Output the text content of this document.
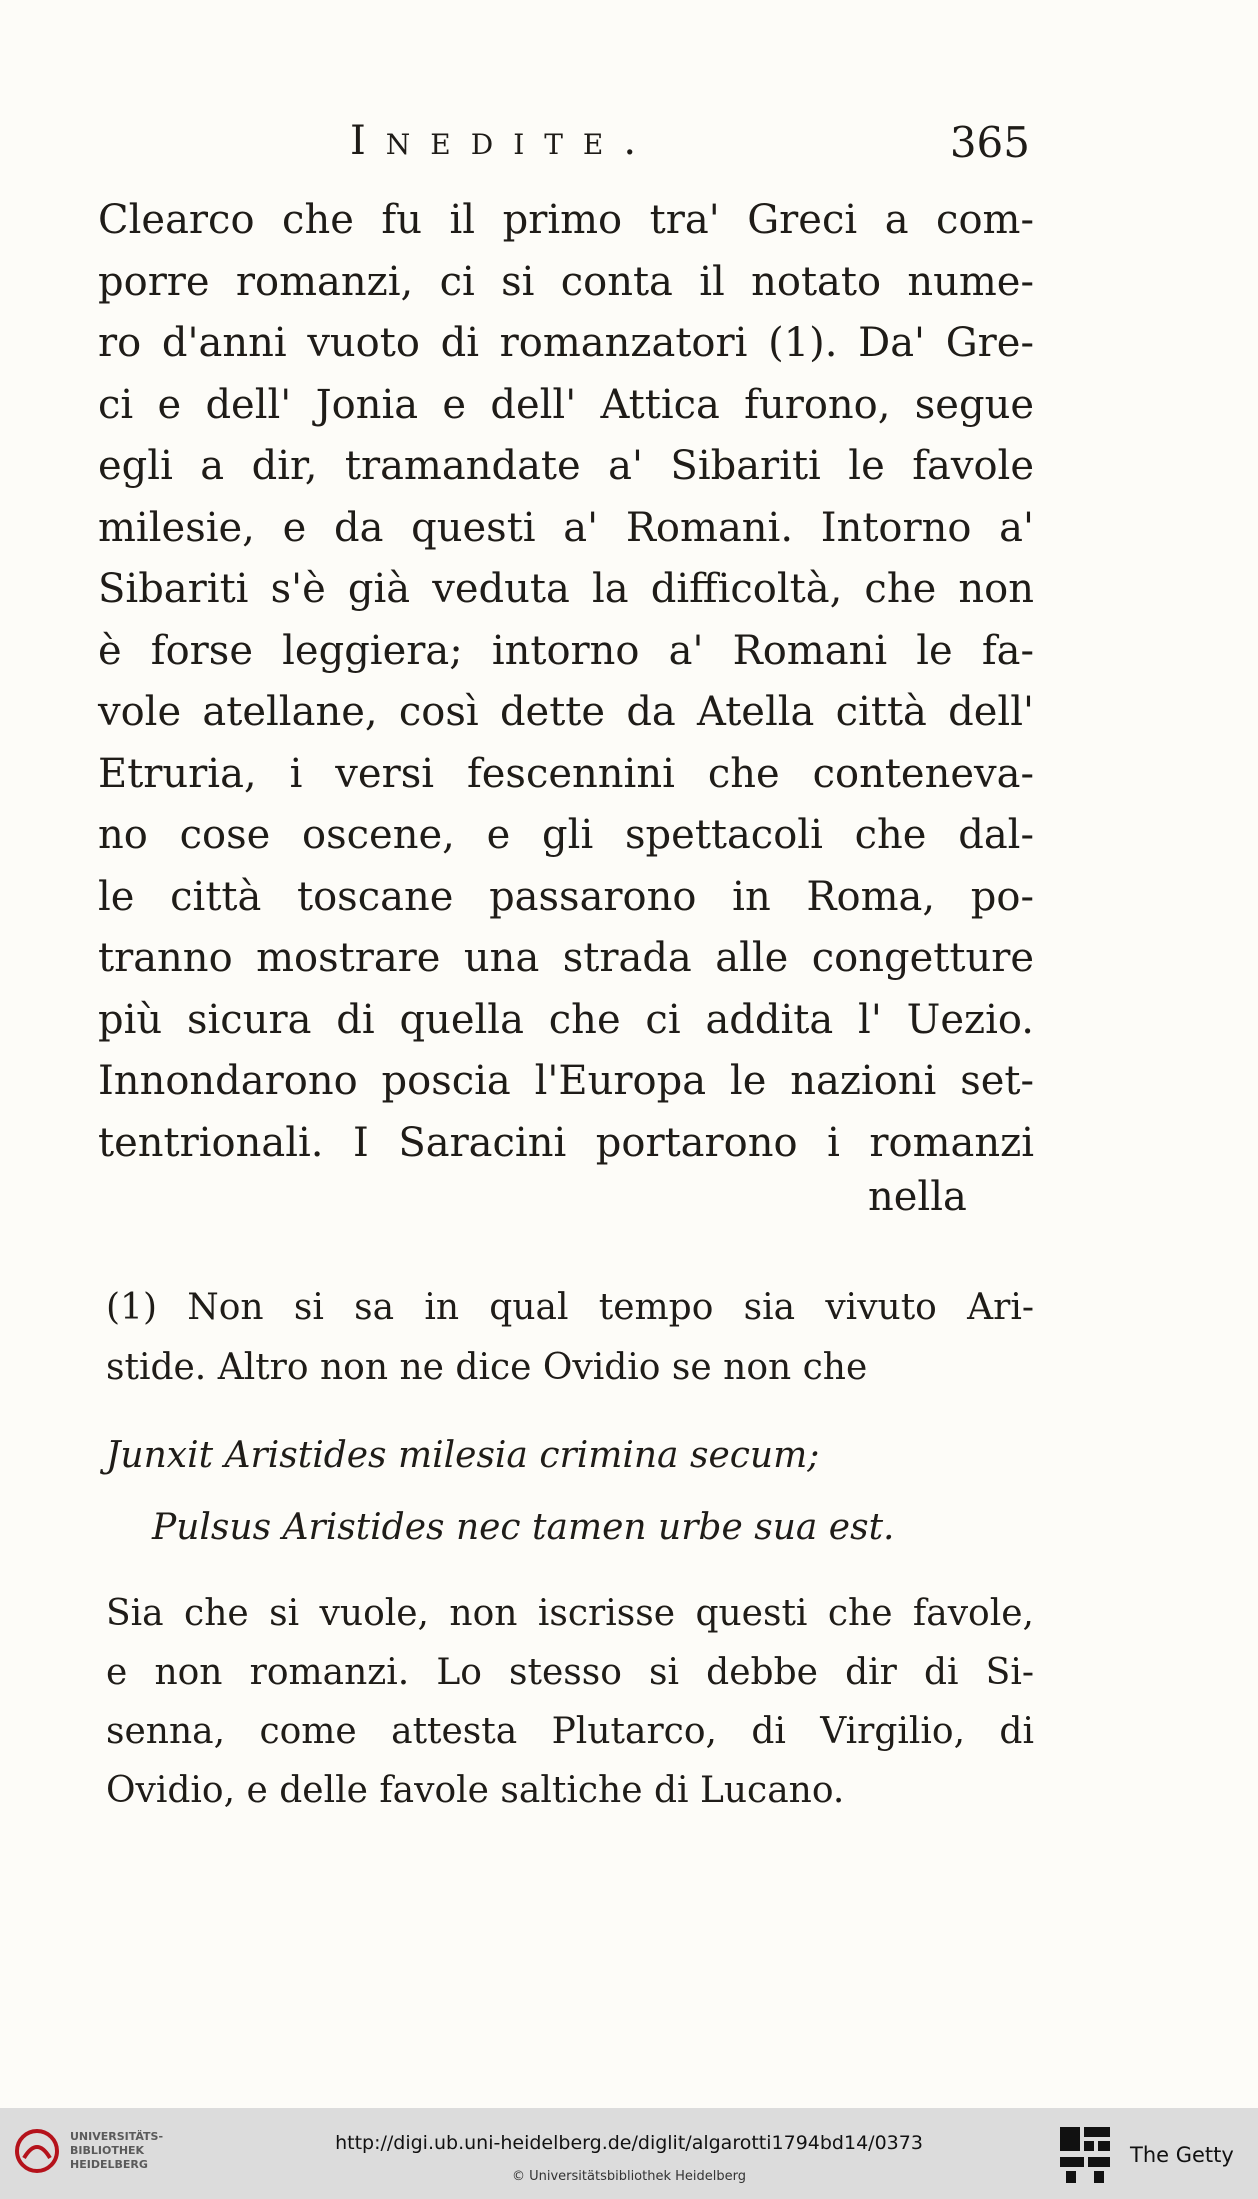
Inedite.	365
Clearco che fu il primo tra' Greci a com-
porre romanzi, ci si conta il notato nume-
ro d'anni vuoto di romanzatori (1). Da' Gre-
ci e dell' Jonia e dell' Attica furono, segue
egli a dir, tramandate a' Sibariti le favole
milesie, e da questi a' Romani. Intorno a'
Sibariti s'è già veduta la difficoltà, che non
è forse leggiera; intorno a' Romani le fa-
vole atellane, così dette da Atella città dell'
Etruria, i versi fescennini che conteneva-
no cose oscene, e gli spettacoli che dal-
le città toscane passarono in Roma, po-
tranno mostrare una strada alle congetture
più sicura di quella che ci addita l' Uezio.
Innondarono poscia l'Europa le nazioni set-
tentrionali. I Saracini portarono i romanzi
nella
(1) Non si sa in qual tempo sia vivuto Ari-
stide. Altro non ne dice Ovidio se non che
Junxit Aristides milesia crimina secum;
Pulsus Aristides nec tamen urbe sua est.
Sia che si vuole, non iscrisse questi che favole,
e non romanzi. Lo stesso si debbe dir di Si-
senna, come attesta Plutarco, di Virgilio, di
Ovidio, e delle favole saltiche di Lucano.
UNIVERSITÄTS-
BIBLIOTHEK
HEIDELBERG
http://digi.ub.uni-heidelberg.de/diglit/algarotti1794bd14/0373
© Universitätsbibliothek Heidelberg
The Getty
